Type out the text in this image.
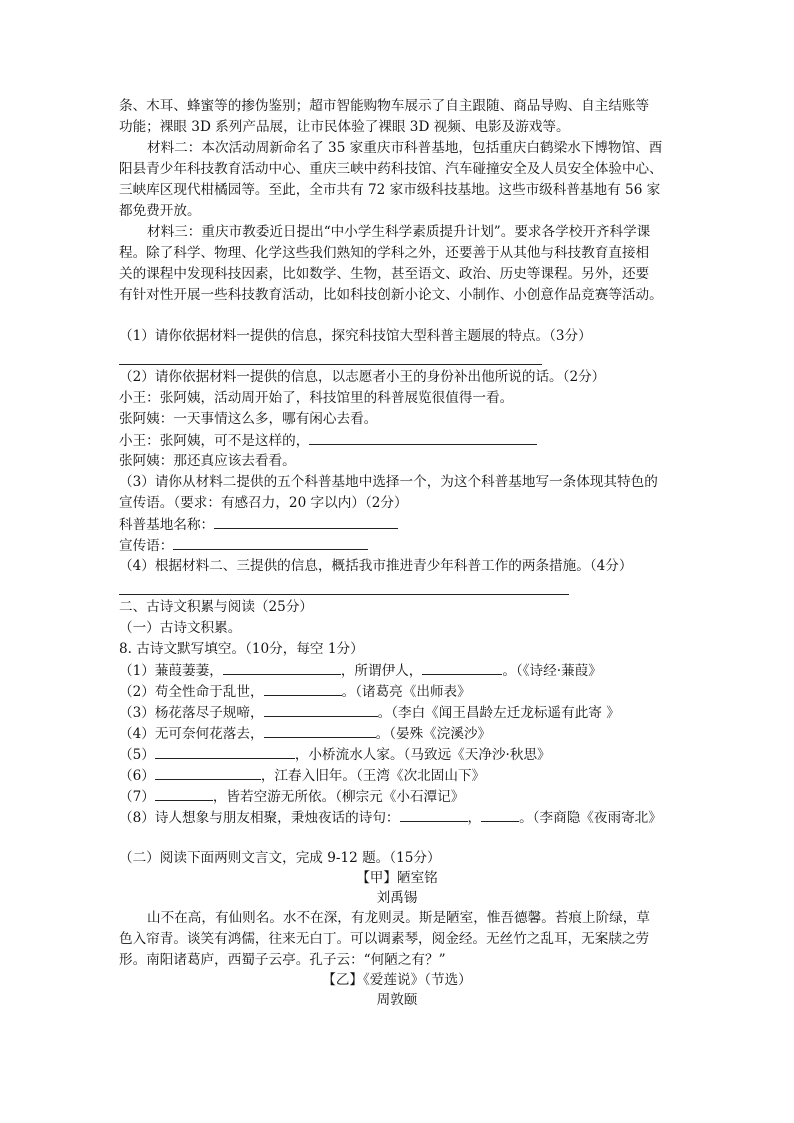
条、木耳、蜂蜜等的掺伪鉴别；超市智能购物车展示了自主跟随、商品导购、自主结账等
功能；裸眼 3D 系列产品展，让市民体验了裸眼 3D 视频、电影及游戏等。
材料二：本次活动周新命名了 35 家重庆市科普基地，包括重庆白鹤梁水下博物馆、酉
阳县青少年科技教育活动中心、重庆三峡中药科技馆、汽车碰撞安全及人员安全体验中心、
三峡库区现代柑橘园等。至此，全市共有 72 家市级科技基地。这些市级科普基地有 56 家
都免费开放。
材料三：重庆市教委近日提出“中小学生科学素质提升计划”。要求各学校开齐科学课
程。除了科学、物理、化学这些我们熟知的学科之外，还要善于从其他与科技教育直接相
关的课程中发现科技因素，比如数学、生物，甚至语文、政治、历史等课程。另外，还要
有针对性开展一些科技教育活动，比如科技创新小论文、小制作、小创意作品竞赛等活动。
（1）请你依据材料一提供的信息，探究科技馆大型科普主题展的特点。（3分）
（2）请你依据材料一提供的信息，以志愿者小王的身份补出他所说的话。（2分）
小王：张阿姨，活动周开始了，科技馆里的科普展览很值得一看。
张阿姨：一天事情这么多，哪有闲心去看。
小王：张阿姨，可不是这样的，
张阿姨：那还真应该去看看。
（3）请你从材料二提供的五个科普基地中选择一个，为这个科普基地写一条体现其特色的
宣传语。（要求：有感召力，20 字以内）（2分）
科普基地名称：
宣传语：
（4）根据材料二、三提供的信息，概括我市推进青少年科普工作的两条措施。（4分）
二、古诗文积累与阅读（25分）
（一）古诗文积累。
8. 古诗文默写填空。（10分，每空 1分）
（1）蒹葭萋萋，	，所谓伊人，	。（《诗经·蒹葭》
（2）苟全性命于乱世，	。（诸葛亮《出师表》
（3）杨花落尽子规啼，	。（李白《闻王昌龄左迁龙标遥有此寄 》
（4）无可奈何花落去，	。（晏殊《浣溪沙》
（5）	，小桥流水人家。（马致远《天净沙·秋思》
（6）	，江春入旧年。（王湾《次北固山下》
（7）	，皆若空游无所依。（柳宗元《小石潭记》
（8）诗人想象与朋友相聚，秉烛夜话的诗句：	，	。（李商隐《夜雨寄北》
（二）阅读下面两则文言文，完成 9-12 题。（15分）
【甲】陋室铭
刘禹锡
山不在高，有仙则名。水不在深，有龙则灵。斯是陋室，惟吾德馨。苔痕上阶绿，草
色入帘青。谈笑有鸿儒，往来无白丁。可以调素琴，阅金经。无丝竹之乱耳，无案牍之劳
形。南阳诸葛庐，西蜀子云亭。孔子云：“何陋之有？”
【乙】《爱莲说》（节选）
周敦颐
